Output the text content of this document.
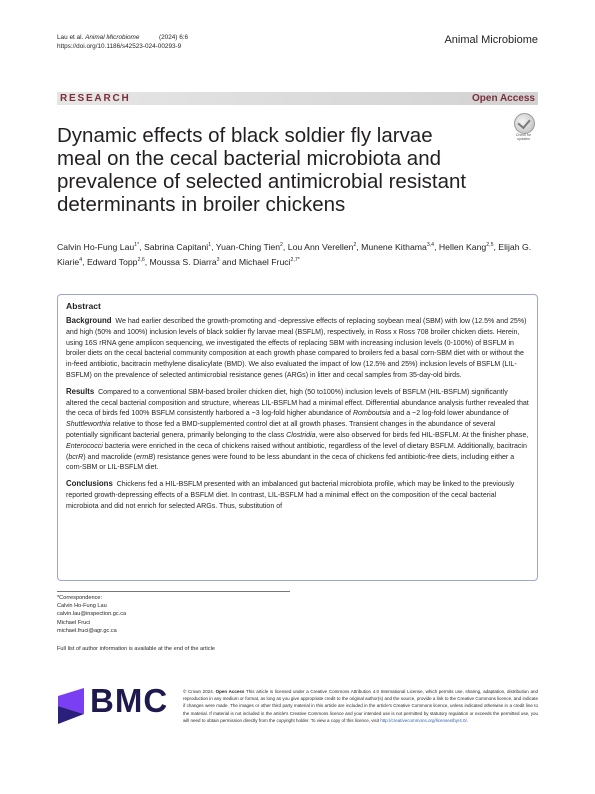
Lau et al. Animal Microbiome	(2024) 6:6
https://doi.org/10.1186/s42523-024-00293-9
Animal Microbiome
RESEARCH	Open Access
Dynamic effects of black soldier fly larvae meal on the cecal bacterial microbiota and prevalence of selected antimicrobial resistant determinants in broiler chickens
Check for updates
Calvin Ho-Fung Lau$^{1*}$, Sabrina Capitani$^1$, Yuan-Ching Tien$^2$, Lou Ann Verellen$^2$, Munene Kithama$^{3,4}$, Hellen Kang$^{2,5}$, Elijah G. Kiarie$^4$, Edward Topp$^{2,6}$, Moussa S. Diarra$^3$ and Michael Fruci$^{2,7*}$
Abstract

Background We had earlier described the growth-promoting and -depressive effects of replacing soybean meal (SBM) with low (12.5% and 25%) and high (50% and 100%) inclusion levels of black soldier fly larvae meal (BSFLM), respectively, in Ross x Ross 708 broiler chicken diets. Herein, using 16S rRNA gene amplicon sequencing, we investigated the effects of replacing SBM with increasing inclusion levels (0-100%) of BSFLM in broiler diets on the cecal bacterial community composition at each growth phase compared to broilers fed a basal corn-SBM diet with or without the in-feed antibiotic, bacitracin methylene disalicylate (BMD). We also evaluated the impact of low (12.5% and 25%) inclusion levels of BSFLM (LIL-BSFLM) on the prevalence of selected antimicrobial resistance genes (ARGs) in litter and cecal samples from 35-day-old birds.

Results Compared to a conventional SBM-based broiler chicken diet, high (50 to100%) inclusion levels of BSFLM (HIL-BSFLM) significantly altered the cecal bacterial composition and structure, whereas LIL-BSFLM had a minimal effect. Differential abundance analysis further revealed that the ceca of birds fed 100% BSFLM consistently harbored a ~3 log-fold higher abundance of Romboutsia and a ~2 log-fold lower abundance of Shuttleworthia relative to those fed a BMD-supplemented control diet at all growth phases. Transient changes in the abundance of several potentially significant bacterial genera, primarily belonging to the class Clostridia, were also observed for birds fed HIL-BSFLM. At the finisher phase, Enterococci bacteria were enriched in the ceca of chickens raised without antibiotic, regardless of the level of dietary BSFLM. Additionally, bacitracin (bcrR) and macrolide (ermB) resistance genes were found to be less abundant in the ceca of chickens fed antibiotic-free diets, including either a corn-SBM or LIL-BSFLM diet.

Conclusions Chickens fed a HIL-BSFLM presented with an imbalanced gut bacterial microbiota profile, which may be linked to the previously reported growth-depressing effects of a BSFLM diet. In contrast, LIL-BSFLM had a minimal effect on the composition of the cecal bacterial microbiota and did not enrich for selected ARGs. Thus, substitution of

*Correspondence:
Calvin Ho-Fung Lau
calvin.lau@inspection.gc.ca
Michael Fruci
michael.fruci@agr.gc.ca
Full list of author information is available at the end of the article
BMC	© Crown 2024. Open Access This article is licensed under a Creative Commons Attribution 4.0 International License, which permits use, sharing, adaptation, distribution and reproduction in any medium or format, as long as you give appropriate credit to the original author(s) and the source, provide a link to the Creative Commons licence, and indicate if changes were made. The images or other third party material in this article are included in the article's Creative Commons licence, unless indicated otherwise in a credit line to the material. If material is not included in the article's Creative Commons licence and your intended use is not permitted by statutory regulation or exceeds the permitted use, you will need to obtain permission directly from the copyright holder. To view a copy of this licence, visit http://creativecommons.org/licenses/by/4.0/.
